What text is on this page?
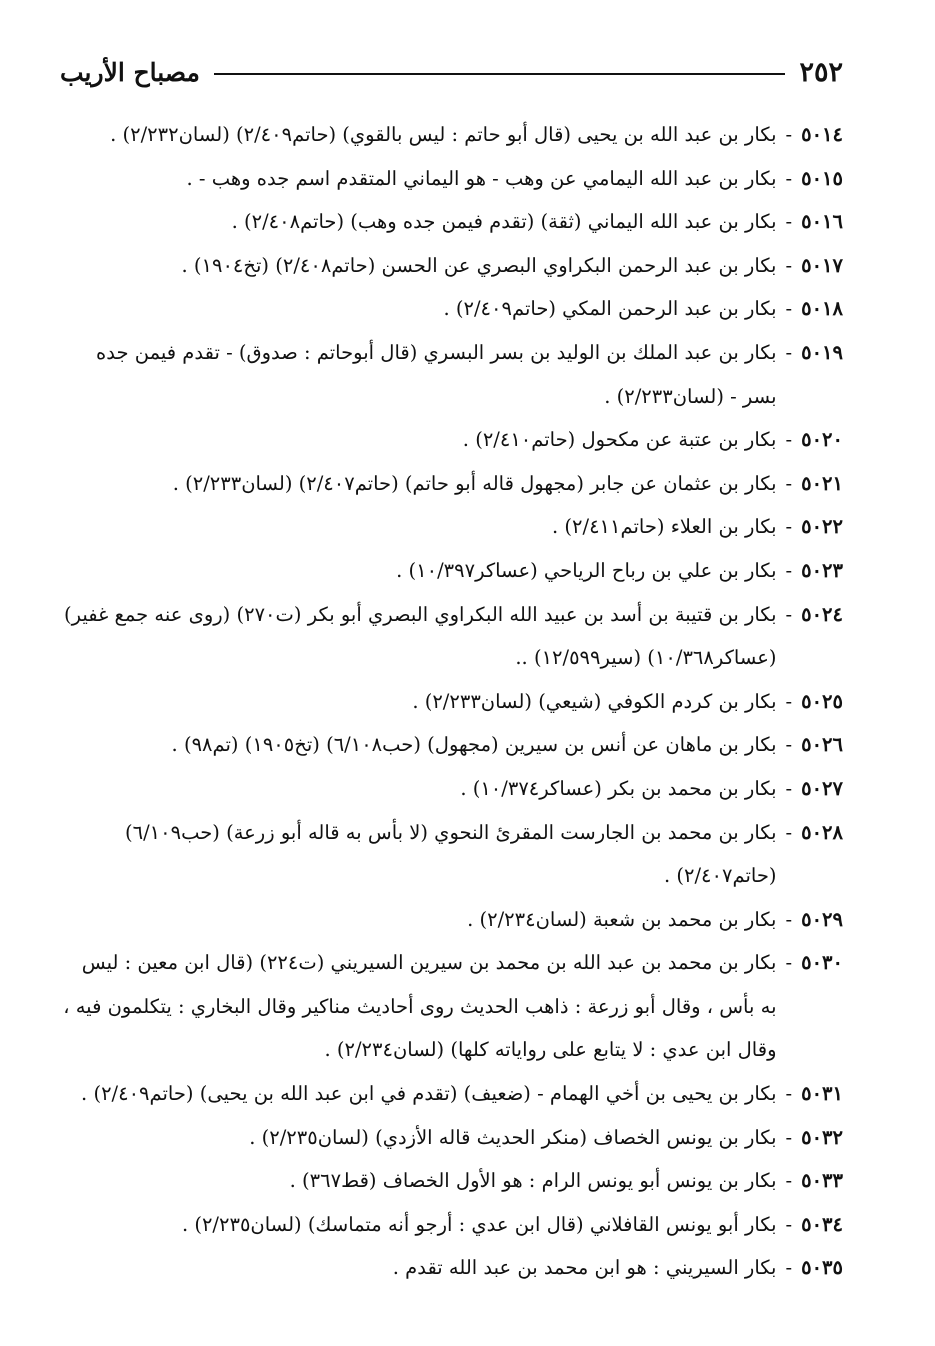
٢٥٢
مصباح الأريب
٥٠١٤
-
بكار بن عبد الله بن يحيى (قال أبو حاتم : ليس بالقوي) (حاتم٢/٤٠٩) (لسان٢/٢٣٢) .
٥٠١٥
-
بكار بن عبد الله اليمامي عن وهب - هو اليماني المتقدم اسم جده وهب - .
٥٠١٦
-
بكار بن عبد الله اليماني (ثقة) (تقدم فيمن جده وهب) (حاتم٢/٤٠٨) .
٥٠١٧
-
بكار بن عبد الرحمن البكراوي البصري عن الحسن (حاتم٢/٤٠٨) (تخ١٩٠٤) .
٥٠١٨
-
بكار بن عبد الرحمن المكي (حاتم٢/٤٠٩) .
٥٠١٩
-
بكار بن عبد الملك بن الوليد بن بسر البسري (قال أبوحاتم : صدوق) - تقدم فيمن جده بسر - (لسان٢/٢٣٣) .
٥٠٢٠
-
بكار بن عتبة عن مكحول (حاتم٢/٤١٠) .
٥٠٢١
-
بكار بن عثمان عن جابر (مجهول قاله أبو حاتم) (حاتم٢/٤٠٧) (لسان٢/٢٣٣) .
٥٠٢٢
-
بكار بن العلاء (حاتم٢/٤١١) .
٥٠٢٣
-
بكار بن علي بن رباح الرياحي (عساكر١٠/٣٩٧) .
٥٠٢٤
-
بكار بن قتيبة بن أسد بن عبيد الله البكراوي البصري أبو بكر (ت٢٧٠) (روى عنه جمع غفير) (عساكر١٠/٣٦٨) (سير١٢/٥٩٩) ..
٥٠٢٥
-
بكار بن كردم الكوفي (شيعي) (لسان٢/٢٣٣) .
٥٠٢٦
-
بكار بن ماهان عن أنس بن سيرين (مجهول) (حب٦/١٠٨) (تخ١٩٠٥) (تم٩٨) .
٥٠٢٧
-
بكار بن محمد بن بكر (عساكر١٠/٣٧٤) .
٥٠٢٨
-
بكار بن محمد بن الجارست المقرئ النحوي (لا بأس به قاله أبو زرعة) (حب٦/١٠٩) (حاتم٢/٤٠٧) .
٥٠٢٩
-
بكار بن محمد بن شعبة (لسان٢/٢٣٤) .
٥٠٣٠
-
بكار بن محمد بن عبد الله بن محمد بن سيرين السيريني (ت٢٢٤) (قال ابن معين : ليس به بأس ، وقال أبو زرعة : ذاهب الحديث روى أحاديث مناكير وقال البخاري : يتكلمون فيه ، وقال ابن عدي : لا يتابع على رواياته كلها) (لسان٢/٢٣٤) .
٥٠٣١
-
بكار بن يحيى بن أخي الهمام - (ضعيف) (تقدم في ابن عبد الله بن يحيى) (حاتم٢/٤٠٩) .
٥٠٣٢
-
بكار بن يونس الخصاف (منكر الحديث قاله الأزدي) (لسان٢/٢٣٥) .
٥٠٣٣
-
بكار بن يونس أبو يونس الرام : هو الأول الخصاف (قط٣٦٧) .
٥٠٣٤
-
بكار أبو يونس القافلاني (قال ابن عدي : أرجو أنه متماسك) (لسان٢/٢٣٥) .
٥٠٣٥
-
بكار السيريني : هو ابن محمد بن عبد الله تقدم .
